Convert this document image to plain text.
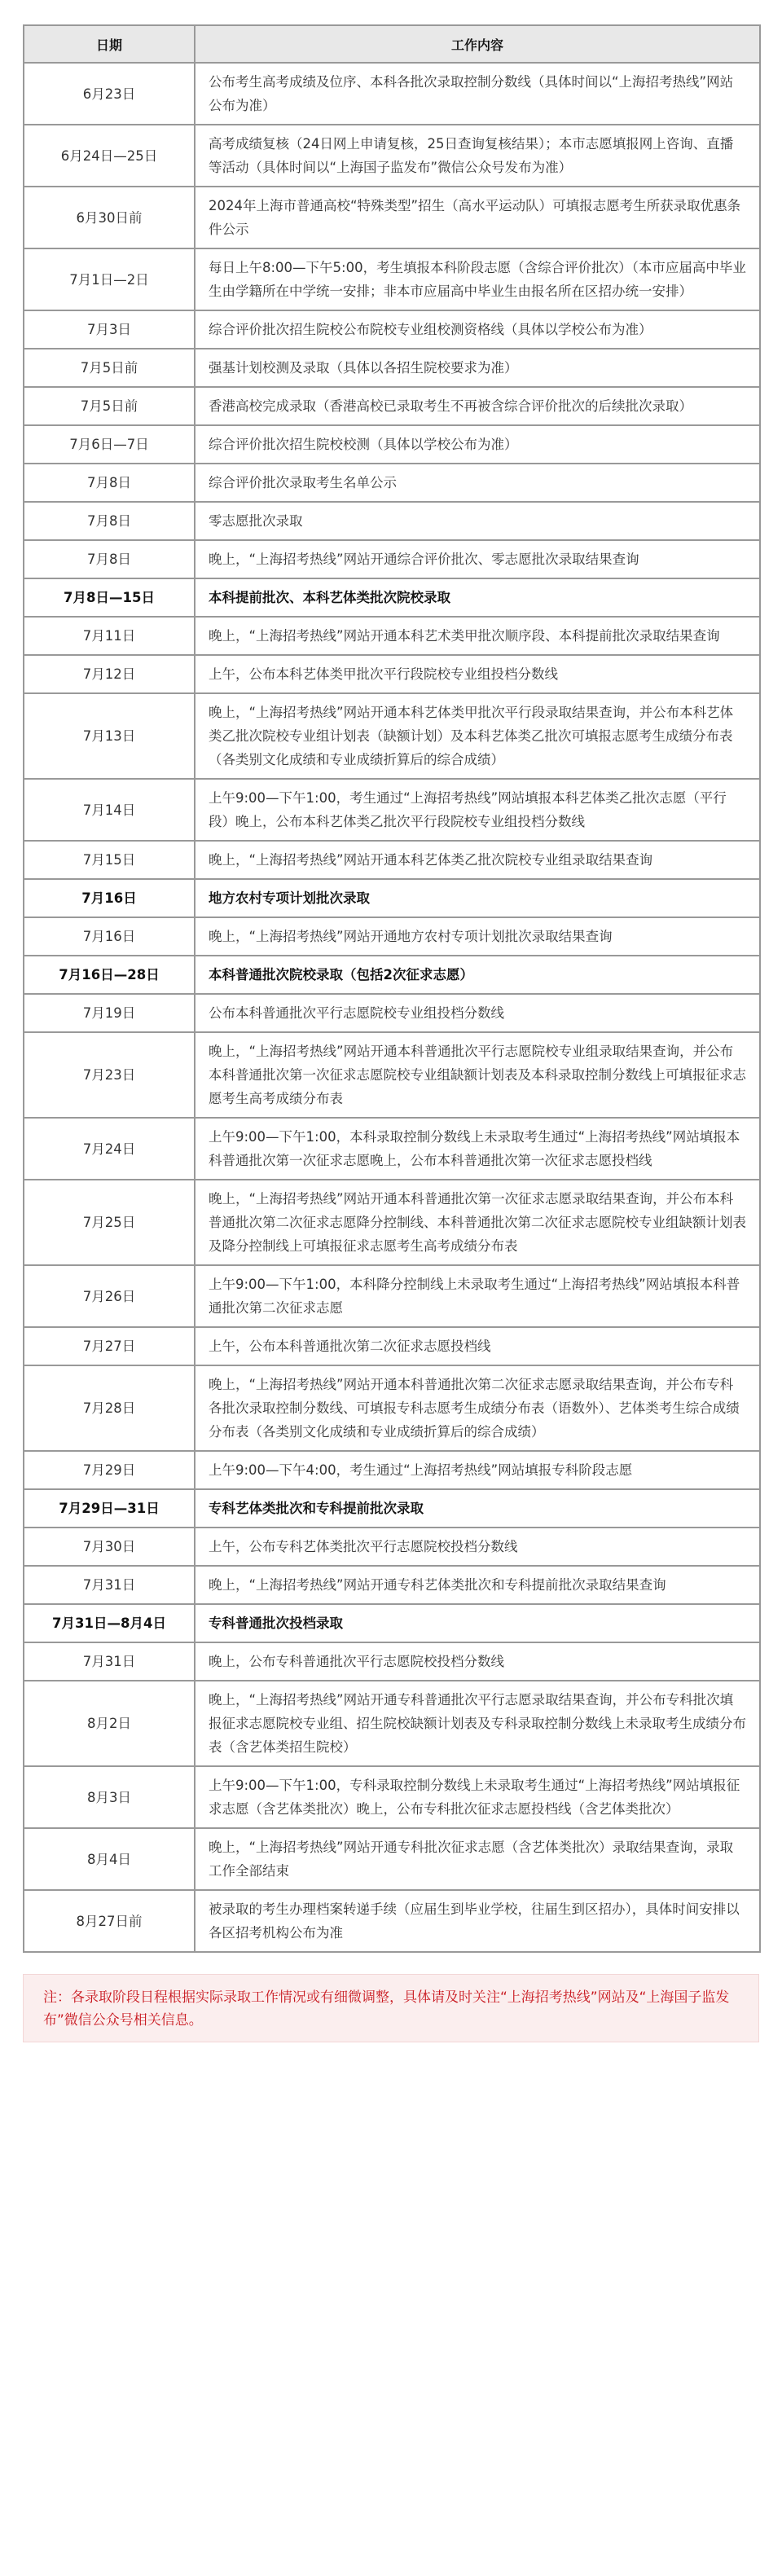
日期	工作内容
6月23日	公布考生高考成绩及位序、本科各批次录取控制分数线（具体时间以“上海招考热线”网站公布为准）
6月24日—25日	高考成绩复核（24日网上申请复核，25日查询复核结果）；本市志愿填报网上咨询、直播等活动（具体时间以“上海国子监发布”微信公众号发布为准）
6月30日前	2024年上海市普通高校“特殊类型”招生（高水平运动队）可填报志愿考生所获录取优惠条件公示
7月1日—2日	每日上午8:00—下午5:00，考生填报本科阶段志愿（含综合评价批次）（本市应届高中毕业生由学籍所在中学统一安排；非本市应届高中毕业生由报名所在区招办统一安排）
7月3日	综合评价批次招生院校公布院校专业组校测资格线（具体以学校公布为准）
7月5日前	强基计划校测及录取（具体以各招生院校要求为准）
7月5日前	香港高校完成录取（香港高校已录取考生不再被含综合评价批次的后续批次录取）
7月6日—7日	综合评价批次招生院校校测（具体以学校公布为准）
7月8日	综合评价批次录取考生名单公示
7月8日	零志愿批次录取
7月8日	晚上，“上海招考热线”网站开通综合评价批次、零志愿批次录取结果查询
7月8日—15日	本科提前批次、本科艺体类批次院校录取
7月11日	晚上，“上海招考热线”网站开通本科艺术类甲批次顺序段、本科提前批次录取结果查询
7月12日	上午，公布本科艺体类甲批次平行段院校专业组投档分数线
7月13日	晚上，“上海招考热线”网站开通本科艺体类甲批次平行段录取结果查询，并公布本科艺体类乙批次院校专业组计划表（缺额计划）及本科艺体类乙批次可填报志愿考生成绩分布表（各类别文化成绩和专业成绩折算后的综合成绩）
7月14日	上午9:00—下午1:00，考生通过“上海招考热线”网站填报本科艺体类乙批次志愿（平行段）晚上，公布本科艺体类乙批次平行段院校专业组投档分数线
7月15日	晚上，“上海招考热线”网站开通本科艺体类乙批次院校专业组录取结果查询
7月16日	地方农村专项计划批次录取
7月16日	晚上，“上海招考热线”网站开通地方农村专项计划批次录取结果查询
7月16日—28日	本科普通批次院校录取（包括2次征求志愿）
7月19日	公布本科普通批次平行志愿院校专业组投档分数线
7月23日	晚上，“上海招考热线”网站开通本科普通批次平行志愿院校专业组录取结果查询，并公布本科普通批次第一次征求志愿院校专业组缺额计划表及本科录取控制分数线上可填报征求志愿考生高考成绩分布表
7月24日	上午9:00—下午1:00，本科录取控制分数线上未录取考生通过“上海招考热线”网站填报本科普通批次第一次征求志愿晚上，公布本科普通批次第一次征求志愿投档线
7月25日	晚上，“上海招考热线”网站开通本科普通批次第一次征求志愿录取结果查询，并公布本科普通批次第二次征求志愿降分控制线、本科普通批次第二次征求志愿院校专业组缺额计划表及降分控制线上可填报征求志愿考生高考成绩分布表
7月26日	上午9:00—下午1:00，本科降分控制线上未录取考生通过“上海招考热线”网站填报本科普通批次第二次征求志愿
7月27日	上午，公布本科普通批次第二次征求志愿投档线
7月28日	晚上，“上海招考热线”网站开通本科普通批次第二次征求志愿录取结果查询，并公布专科各批次录取控制分数线、可填报专科志愿考生成绩分布表（语数外）、艺体类考生综合成绩分布表（各类别文化成绩和专业成绩折算后的综合成绩）
7月29日	上午9:00—下午4:00，考生通过“上海招考热线”网站填报专科阶段志愿
7月29日—31日	专科艺体类批次和专科提前批次录取
7月30日	上午，公布专科艺体类批次平行志愿院校投档分数线
7月31日	晚上，“上海招考热线”网站开通专科艺体类批次和专科提前批次录取结果查询
7月31日—8月4日	专科普通批次投档录取
7月31日	晚上，公布专科普通批次平行志愿院校投档分数线
8月2日	晚上，“上海招考热线”网站开通专科普通批次平行志愿录取结果查询，并公布专科批次填报征求志愿院校专业组、招生院校缺额计划表及专科录取控制分数线上未录取考生成绩分布表（含艺体类招生院校）
8月3日	上午9:00—下午1:00，专科录取控制分数线上未录取考生通过“上海招考热线”网站填报征求志愿（含艺体类批次）晚上，公布专科批次征求志愿投档线（含艺体类批次）
8月4日	晚上，“上海招考热线”网站开通专科批次征求志愿（含艺体类批次）录取结果查询，录取工作全部结束
8月27日前	被录取的考生办理档案转递手续（应届生到毕业学校，往届生到区招办），具体时间安排以各区招考机构公布为准
注：各录取阶段日程根据实际录取工作情况或有细微调整，具体请及时关注“上海招考热线”网站及“上海国子监发布”微信公众号相关信息。
